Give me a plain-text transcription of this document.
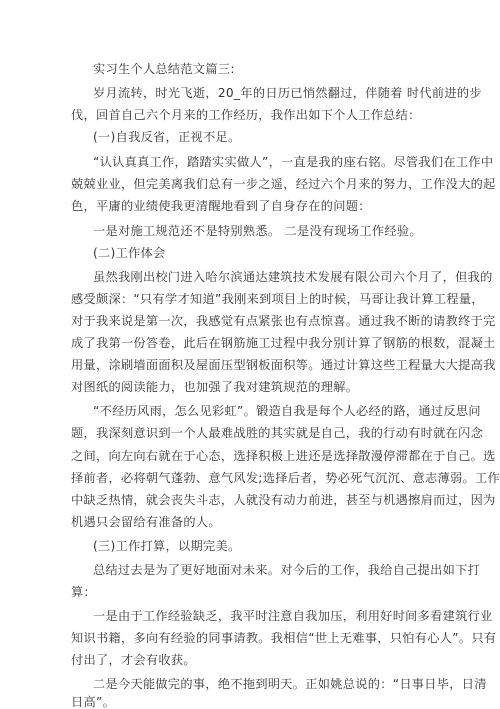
实习生个人总结范文篇三:
岁月流转，时光飞逝，20_年的日历已悄然翻过，伴随着 时代前进的步
伐，回首自己六个月来的工作经历，我作出如下个人工作总结：
(一)自我反省，正视不足。
“认认真真工作，踏踏实实做人”，一直是我的座右铭。尽管我们在工作中
兢兢业业，但完美离我们总有一步之遥，经过六个月来的努力，工作没大的起
色，平庸的业绩使我更清醒地看到了自身存在的问题：
一是对施工规范还不是特别熟悉。 二是没有现场工作经验。
(二)工作体会
虽然我刚出校门进入哈尔滨通达建筑技术发展有限公司六个月了，但我的
感受颇深：“只有学才知道”我刚来到项目上的时候，马哥让我计算工程量，
对于我来说是第一次，我感觉有点紧张也有点惊喜。通过我不断的请教终于完
成了我第一份答卷，此后在钢筋施工过程中我分别计算了钢筋的根数，混凝土
用量，涂刷墙面面积及屋面压型钢板面积等。通过计算这些工程量大大提高我
对图纸的阅读能力，也加强了我对建筑规范的理解。
“不经历风雨，怎么见彩虹”。锻造自我是每个人必经的路，通过反思问
题，我深刻意识到一个人最难战胜的其实就是自己，我的行动有时就在闪念
之间，向左向右就在于心态，选择积极上进还是选择散漫停滞都在于自己。选
择前者，必将朝气蓬勃、意气风发;选择后者，势必死气沉沉、意志薄弱。工作
中缺乏热情，就会丧失斗志，人就没有动力前进，甚至与机遇擦肩而过，因为
机遇只会留给有准备的人。
(三)工作打算，以期完美。
总结过去是为了更好地面对未来。对今后的工作，我给自己提出如下打
算：
一是由于工作经验缺乏，我平时注意自我加压，利用好时间多看建筑行业
知识书籍，多向有经验的同事请教。我相信“世上无难事，只怕有心人”。只有
付出了，才会有收获。
二是今天能做完的事，绝不拖到明天。正如姚总说的：“日事日毕，日清
日高”。
